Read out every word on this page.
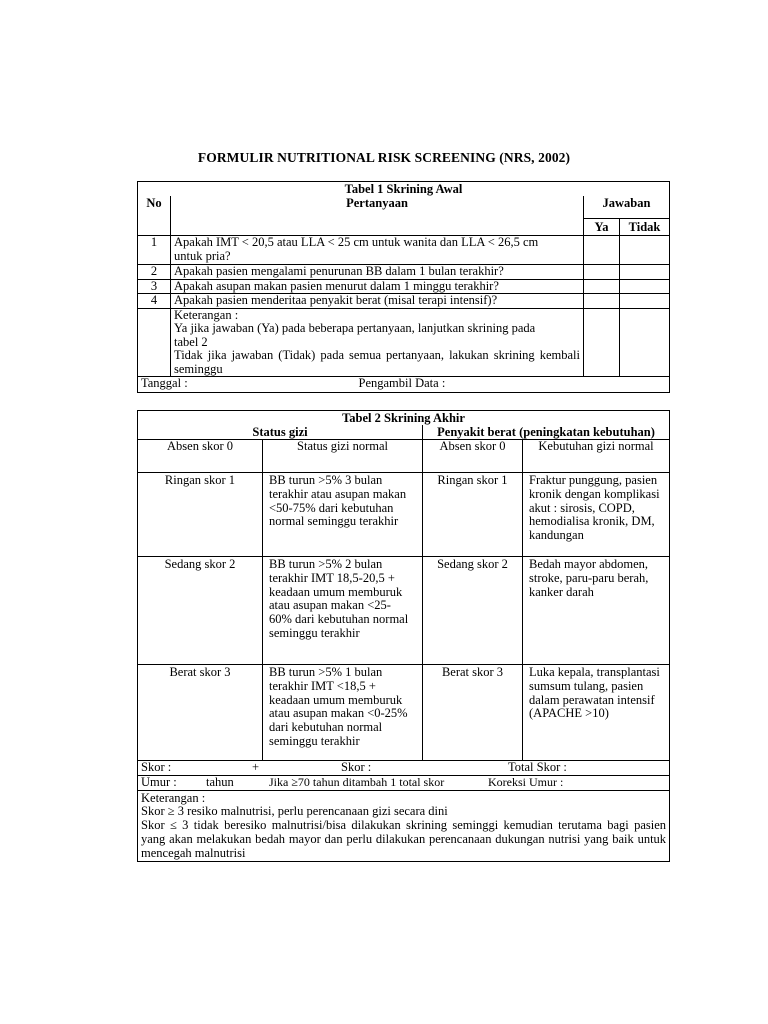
FORMULIR NUTRITIONAL RISK SCREENING (NRS, 2002)
Tabel 1 Skrining Awal			
No	Pertanyaan	Jawaban	
		Ya	Tidak
1	Apakah IMT < 20,5 atau LLA < 25 cm untuk wanita dan LLA < 26,5 cm untuk pria?		
2	Apakah pasien mengalami penurunan BB dalam 1 bulan terakhir?		
3	Apakah asupan makan pasien menurut dalam 1 minggu terakhir?		
4	Apakah pasien menderitaa penyakit berat (misal terapi intensif)?		

	Keterangan :
Ya jika jawaban (Ya) pada beberapa pertanyaan, lanjutkan skrining pada tabel 2
Tidak jika jawaban (Tidak) pada semua pertanyaan, lakukan skrining kembali seminggu		

Tanggal : Pengambil Data :			
Tabel 2 Skrining Akhir			
Status gizi		Penyakit berat (peningkatan kebutuhan)	
Absen skor 0	Status gizi normal	Absen skor 0	Kebutuhan gizi normal
Ringan skor 1	BB turun >5% 3 bulan terakhir atau asupan makan <50-75% dari kebutuhan normal seminggu terakhir	Ringan skor 1	Fraktur punggung, pasien kronik dengan komplikasi akut : sirosis, COPD, hemodialisa kronik, DM, kandungan
Sedang skor 2	BB turun >5% 2 bulan terakhir IMT 18,5-20,5 + keadaan umum memburuk atau asupan makan <25-60% dari kebutuhan normal seminggu terakhir	Sedang skor 2	Bedah mayor abdomen, stroke, paru-paru berah, kanker darah
Berat skor 3	BB turun >5% 1 bulan terakhir IMT <18,5 + keadaan umum memburuk atau asupan makan <0-25% dari kebutuhan normal seminggu terakhir	Berat skor 3	Luka kepala, transplantasi sumsum tulang, pasien dalam perawatan intensif (APACHE >10)
Skor : + Skor : Total Skor :			

Umur : tahun Jika ≥70 tahun ditambah 1 total skor Koreksi Umur :			

Keterangan :
Skor ≥ 3 resiko malnutrisi, perlu perencanaan gizi secara dini
Skor ≤ 3 tidak beresiko malnutrisi/bisa dilakukan skrining seminggi kemudian terutama bagi pasien yang akan melakukan bedah mayor dan perlu dilakukan perencanaan dukungan nutrisi yang baik untuk mencegah malnutrisi			
